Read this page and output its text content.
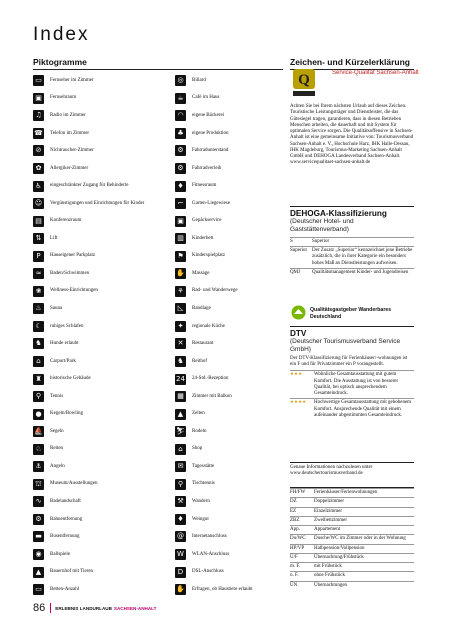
Index
Piktogramme	Zeichen- und Kürzelerklärung
▭	Fernseher im Zimmer
▣	Fernsehraum
♫	Radio im Zimmer
☎ Telefon im Zimmer
⊘	Nichtraucher-Zimmer
✿	Allergiker-Zimmer
♿	eingeschränkter Zugang für Behinderte
☺	Vergünstigungen und Einrichtungen für Kinder
▤	Konferenzraum
⇅	Lift
P	Hauseigener Parkplatz
≈	Baden/Schwimmen
❀	Wellness-Einrichtungen
♨	Sauna
☾	ruhiges Schlafen
♞	Hunde erlaubt
⌂	Carport/Park
♜	historische Gebäude
⚲	Tennis
●	Kegeln/Bowling
⛵ Segeln
♘	Reiten
⚓	Angeln
⛫	Museum/Ausstellungen
∿	Badelandschaft
⚙	Bahnentfernung
▬	Busentfernung
◉	Ballspiele
▲	Bauernhof mit Tieren
▭	Betten-Anzahl
◎	Billard
☕	Café im Haus
◠	eigene Bäckerei
♣	eigene Produktion
⚙	Fahrradunterstand
⚙	Fahrradverleih
♦	Fitnessraum
⌐	Garten-Liegewiese
▣	Gepäckservice
▥	Kinderbett
⚑	Kinderspielplatz
✋ Massage
⚘	Rad- und Wanderwege
◺	Bandlage
✦	regionale Küche
✕	Restaurant
♞	Reithof
24 24-Std.-Rezeption
▦	Zimmer mit Balkon
▲	Zelten
⛷ Rodeln
⌂	Shop
✉	Tagesstätte
⚲	Tischtennis
⚒	Wandern
♦	Weingut
@	Internetanschluss
W	WLAN-Anschluss
D	DSL-Anschluss
✋ Erfragen, ob Haustiere erlaubt
Q	Service-Qualität Sachsen-Anhalt
Achten Sie bei Ihrem nächsten Urlaub auf dieses Zeichen. Touristische Leistungsträger und Dienstleister, die das Gütesiegel tragen, garantieren, dass in diesen Betrieben Menschen arbeiten, die dauerhaft und mit System für optimalen Service sorgen. Die Qualitätsoffensive in Sachsen-Anhalt ist eine gemeinsame Initiative von: Tourismusverband Sachsen-Anhalt e. V., Hochschule Harz, IHK Halle-Dessau, IHK Magdeburg, Tourismus-Marketing Sachsen-Anhalt GmbH und DEHOGA Landesverband Sachsen-Anhalt. www.servicequalitaet-sachsen-anhalt.de
DEHOGA-Klassifizierung
(Deutscher Hotel- und Gaststättenverband)
S	Superior
Superior Der Zusatz „Superior“ kennzeichnet jene Betriebe zusätzlich, die in ihrer Kategorie ein besonders hohes Maß an Dienstleistungen aufweisen.
QMJ	Qualitätsmanagement Kinder- und Jugendreisen
Qualitätsgastgeber Wanderbares Deutschland
DTV
(Deutscher Tourismusverband Service GmbH)
Der DTV-Klassifizierung für Ferienhäuser/-wohnungen ist ein F und für Privatzimmer ein P vorangestellt.
★★★	Wohnliche Gesamtausstattung mit gutem Komfort. Die Ausstattung ist von besserer Qualität, bei optisch ansprechendem Gesamteindruck.
★★★★	Hochwertige Gesamtausstattung mit gehobenem Komfort. Ansprechende Qualität mit einem aufeinander abgestimmten Gesamteindruck.
Genaue Informationen nachzulesen unter www.deutschertourismusverband.de
FH/FW	Ferienhäuser/Ferienwohnungen
DZ	Doppelzimmer
EZ	Einzelzimmer
ZBZ	Zweibettzimmer
App.	Appartement
Du/WC	Dusche/WC im Zimmer oder in der Wohnung
HP/VP	Halbpension/Vollpension
Ü/F	Übernachtung/Frühstück
m. F.	mit Frühstück
o. F.	ohne Frühstück
ÜN	Übernachtungen
86 ERLEBNIS LANDURLAUB SACHSEN-ANHALT
